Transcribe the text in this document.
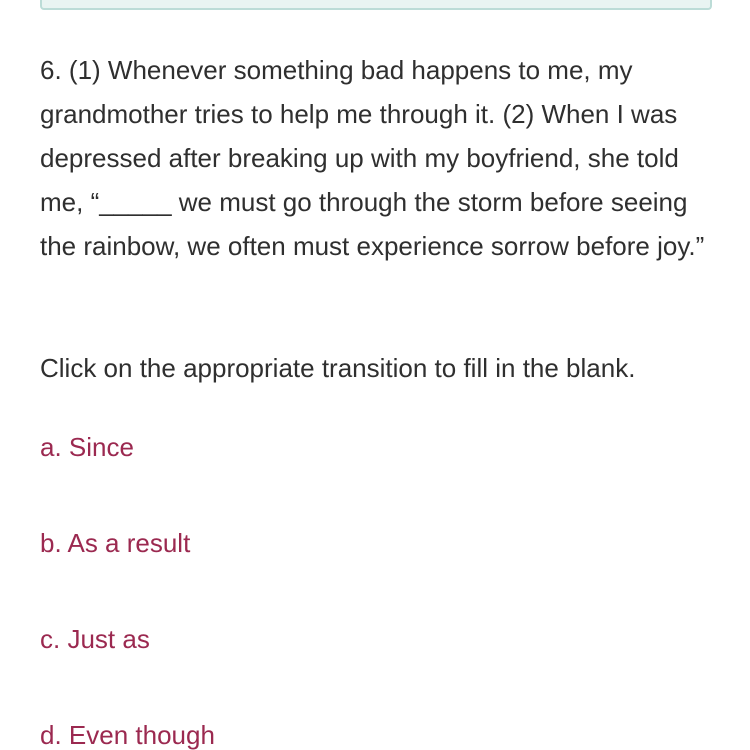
6. (1) Whenever something bad happens to me, my grandmother tries to help me through it. (2) When I was depressed after breaking up with my boyfriend, she told me, “_____ we must go through the storm before seeing the rainbow, we often must experience sorrow before joy.”
Click on the appropriate transition to fill in the blank.
a. Since
b. As a result
c. Just as
d. Even though
